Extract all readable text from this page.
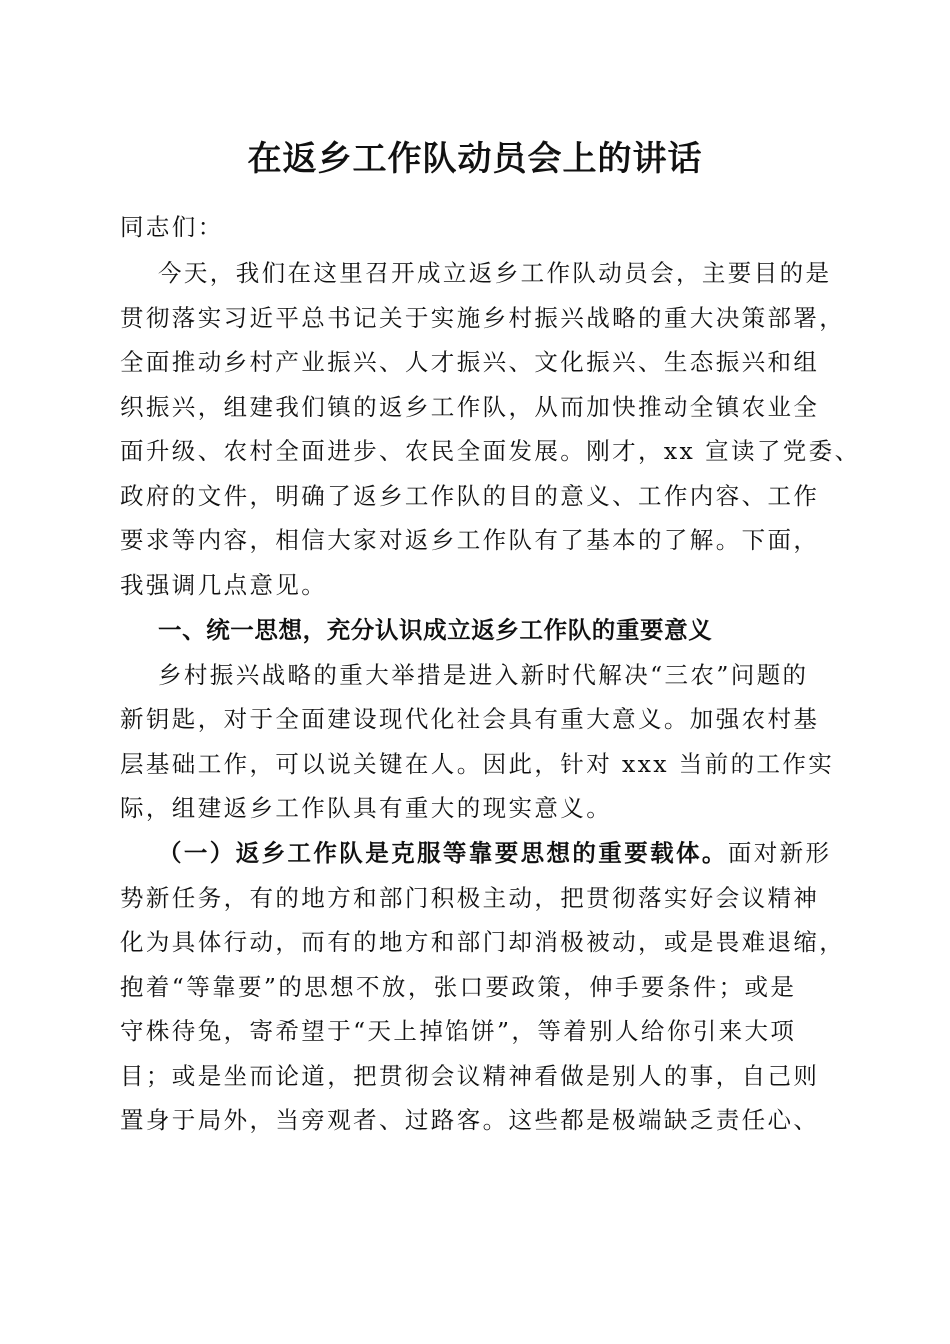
在返乡工作队动员会上的讲话

同志们：

今天，我们在这里召开成立返乡工作队动员会，主要目的是

贯彻落实习近平总书记关于实施乡村振兴战略的重大决策部署，

全面推动乡村产业振兴、人才振兴、文化振兴、生态振兴和组

织振兴，组建我们镇的返乡工作队，从而加快推动全镇农业全

面升级、农村全面进步、农民全面发展。刚才，xx 宣读了党委、

政府的文件，明确了返乡工作队的目的意义、工作内容、工作

要求等内容，相信大家对返乡工作队有了基本的了解。下面，

我强调几点意见。

一、统一思想，充分认识成立返乡工作队的重要意义

乡村振兴战略的重大举措是进入新时代解决“三农”问题的

新钥匙，对于全面建设现代化社会具有重大意义。加强农村基

层基础工作，可以说关键在人。因此，针对 xxx 当前的工作实

际，组建返乡工作队具有重大的现实意义。

（一）返乡工作队是克服等靠要思想的重要载体。面对新形

势新任务，有的地方和部门积极主动，把贯彻落实好会议精神

化为具体行动，而有的地方和部门却消极被动，或是畏难退缩，

抱着“等靠要”的思想不放，张口要政策，伸手要条件；或是

守株待兔，寄希望于“天上掉馅饼”，等着别人给你引来大项

目；或是坐而论道，把贯彻会议精神看做是别人的事，自己则

置身于局外，当旁观者、过路客。这些都是极端缺乏责任心、
